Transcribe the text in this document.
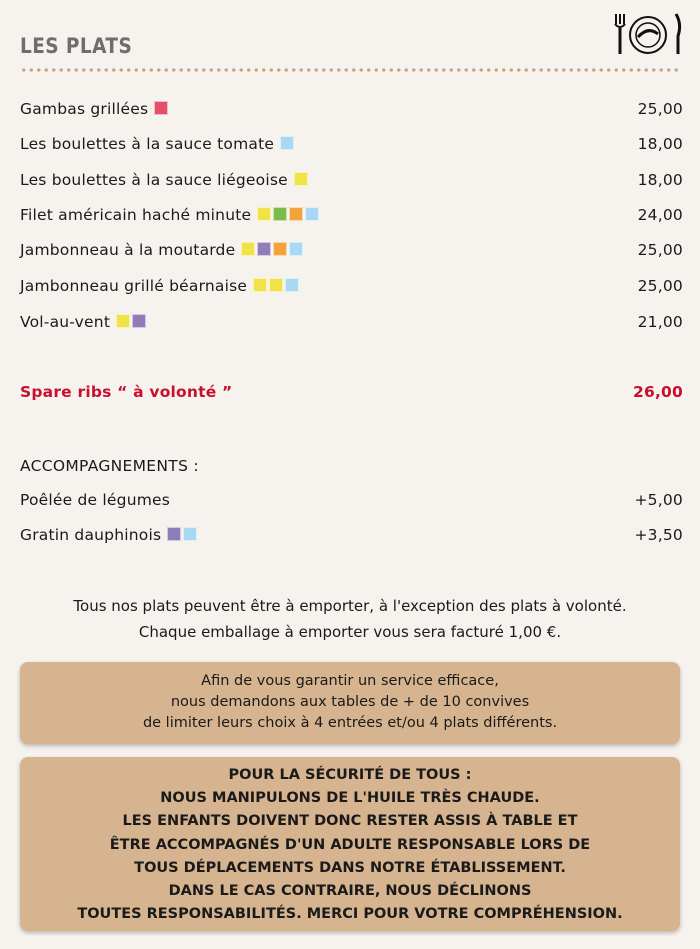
LES PLATS
Gambas grillées	25,00
Les boulettes à la sauce tomate	18,00
Les boulettes à la sauce liégeoise	18,00
Filet américain haché minute	24,00
Jambonneau à la moutarde	25,00
Jambonneau grillé béarnaise	25,00
Vol-au-vent	21,00
Spare ribs “ à volonté ”	26,00
ACCOMPAGNEMENTS :
Poêlée de légumes	+5,00
Gratin dauphinois	+3,50
Tous nos plats peuvent être à emporter, à l'exception des plats à volonté.
Chaque emballage à emporter vous sera facturé 1,00 €.
Afin de vous garantir un service efficace,
nous demandons aux tables de + de 10 convives
de limiter leurs choix à 4 entrées et/ou 4 plats différents.
POUR LA SÉCURITÉ DE TOUS :
NOUS MANIPULONS DE L'HUILE TRÈS CHAUDE.
LES ENFANTS DOIVENT DONC RESTER ASSIS À TABLE ET
ÊTRE ACCOMPAGNÉS D'UN ADULTE RESPONSABLE LORS DE
TOUS DÉPLACEMENTS DANS NOTRE ÉTABLISSEMENT.
DANS LE CAS CONTRAIRE, NOUS DÉCLINONS
TOUTES RESPONSABILITÉS. MERCI POUR VOTRE COMPRÉHENSION.
